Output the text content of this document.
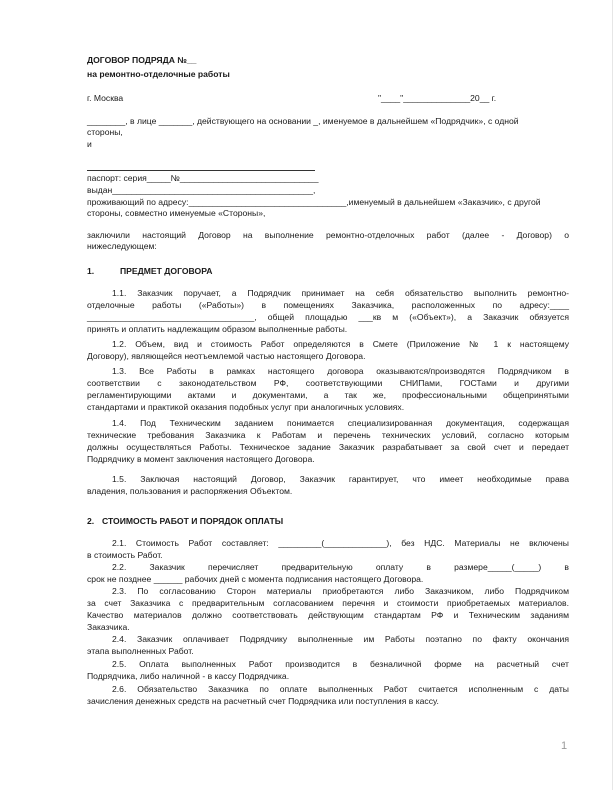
ДОГОВОР ПОДРЯДА №__
на ремонтно-отделочные работы
г. Москва	"____"______________20__ г.
________, в лице _______, действующего на основании _, именуемое в дальнейшем «Подрядчик», с одной
стороны,
и
паспорт: серия_____№_____________________________
выдан__________________________________________,
проживающий по адресу:_________________________________,именуемый в дальнейшем «Заказчик», с другой
стороны, совместно именуемые «Стороны»,
заключили настоящий Договор на выполнение ремонтно-отделочных работ (далее - Договор) о
нижеследующем:
1.	ПРЕДМЕТ ДОГОВОРА
1.1. Заказчик поручает, а Подрядчик принимает на себя обязательство выполнить ремонтно-
отделочные работы («Работы») в помещениях Заказчика, расположенных по адресу:____
___________________________________, общей площадью ___кв м («Объект»), а Заказчик обязуется
принять и оплатить надлежащим образом выполненные работы.
1.2. Объем, вид и стоимость Работ определяются в Смете (Приложение № 1 к настоящему
Договору), являющейся неотъемлемой частью настоящего Договора.
1.3. Все Работы в рамках настоящего договора оказываются/производятся Подрядчиком в
соответствии с законодательством РФ, соответствующими СНИПами, ГОСТами и другими
регламентирующими актами и документами, а так же, профессиональными общепринятыми
стандартами и практикой оказания подобных услуг при аналогичных условиях.
1.4. Под Техническим заданием понимается специализированная документация, содержащая
технические требования Заказчика к Работам и перечень технических условий, согласно которым
должны осуществляться Работы. Техническое задание Заказчик разрабатывает за свой счет и передает
Подрядчику в момент заключения настоящего Договора.
1.5. Заключая настоящий Договор, Заказчик гарантирует, что имеет необходимые права
владения, пользования и распоряжения Объектом.
2. СТОИМОСТЬ РАБОТ И ПОРЯДОК ОПЛАТЫ
2.1. Стоимость Работ составляет: _________(_____________), без НДС. Материалы не включены
в стоимость Работ.
2.2. Заказчик перечисляет предварительную оплату в размере_____(_____) в
срок не позднее ______ рабочих дней с момента подписания настоящего Договора.
2.3. По согласованию Сторон материалы приобретаются либо Заказчиком, либо Подрядчиком
за счет Заказчика с предварительным согласованием перечня и стоимости приобретаемых материалов.
Качество материалов должно соответствовать действующим стандартам РФ и Техническим заданиям
Заказчика.
2.4. Заказчик оплачивает Подрядчику выполненные им Работы поэтапно по факту окончания
этапа выполненных Работ.
2.5. Оплата выполненных Работ производится в безналичной форме на расчетный счет
Подрядчика, либо наличной - в кассу Подрядчика.
2.6. Обязательство Заказчика по оплате выполненных Работ считается исполненным с даты
зачисления денежных средств на расчетный счет Подрядчика или поступления в кассу.
1
